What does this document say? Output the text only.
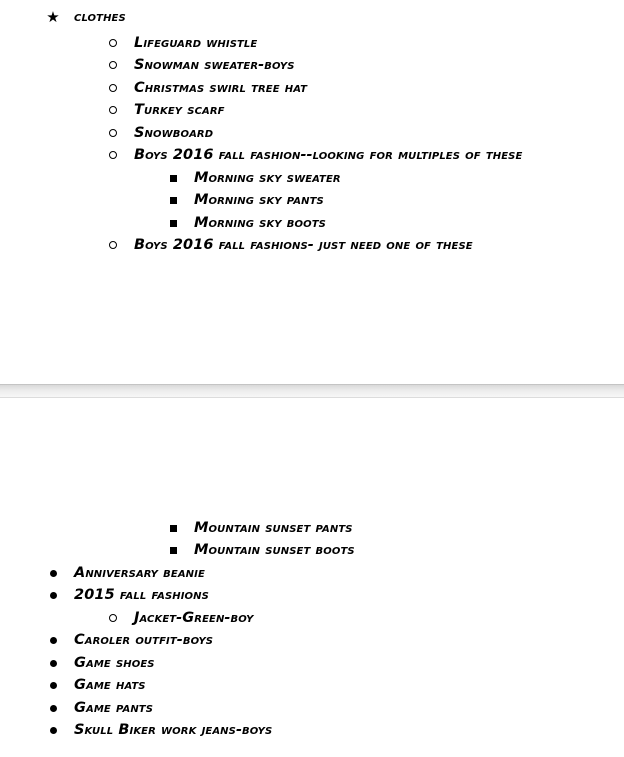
★ clothes
Lifeguard whistle
Snowman sweater-boys
Christmas swirl tree hat
Turkey scarf
Snowboard
Boys 2016 fall fashion--looking for multiples of these
Morning sky sweater
Morning sky pants
Morning sky boots
Boys 2016 fall fashions- just need one of these
Mountain sunset pants
Mountain sunset boots
Anniversary beanie
2015 fall fashions
Jacket-Green-boy
Caroler outfit-boys
Game shoes
Game hats
Game pants
Skull Biker work jeans-boys
